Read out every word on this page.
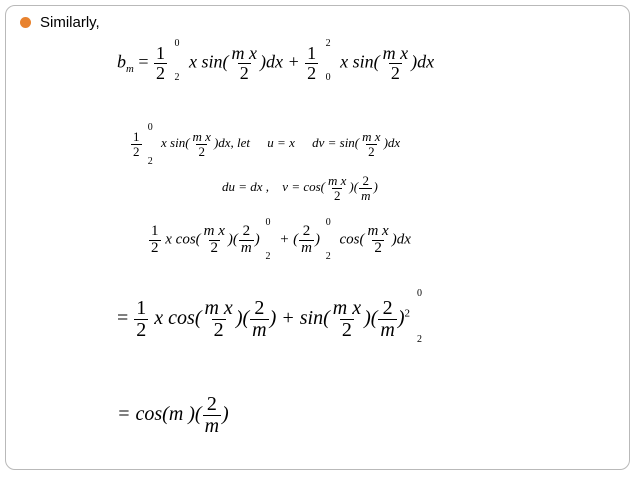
Similarly,
$b_m = \frac{1}{2}$

0
2
x $\sin( \frac{\text{m x}}{2} )dx + \frac{1}{2}$

2
0
x $\sin( \frac{\text{m x}}{2} )dx$
$\frac{1}{2}$

0
2
x $\sin( \frac{\text{m x}}{2} )dx$, let u = x dv = $\sin( \frac{\text{m x}}{2} )dx$
du = dx , $v = \cos( \frac{\text{m x}}{2}$ )( $\frac{2}{m}$ )
$\frac{1}{2}$ x $\cos( \frac{\text{m x}}{2}$ )( $\frac{2}{m}$ )
0
2
+ ( $\frac{2}{m}$ )
0
2
$\cos( \frac{\text{m x}}{2} )dx$
= $\frac{1}{2}$ x $\cos( \frac{\text{m x}}{2}$ )( $\frac{2}{m}$ ) + $\sin( \frac{\text{m x}}{2}$ )( $\frac{2}{m} )^2$
0
2
= cos(m )( $\frac{2}{m}$ )
